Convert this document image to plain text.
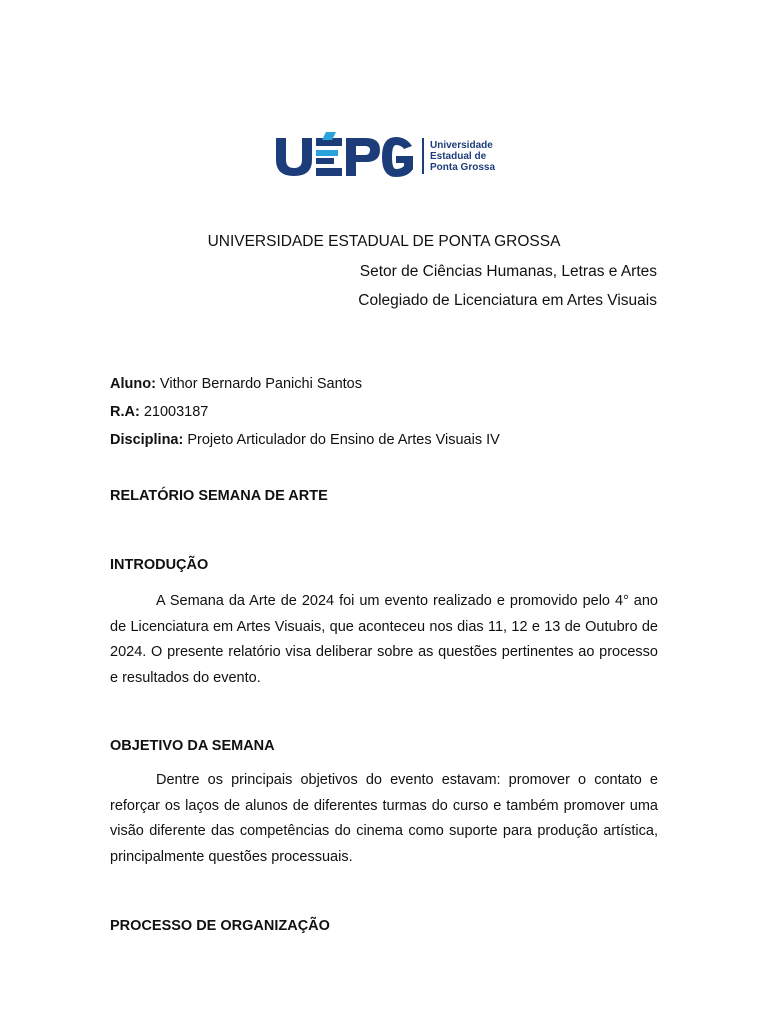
Universidade
Estadual de
Ponta Grossa
UNIVERSIDADE ESTADUAL DE PONTA GROSSA

Setor de Ciências Humanas, Letras e Artes

Colegiado de Licenciatura em Artes Visuais

Aluno: Vithor Bernardo Panichi Santos

R.A: 21003187

Disciplina: Projeto Articulador do Ensino de Artes Visuais IV

RELATÓRIO SEMANA DE ARTE
INTRODUÇÃO

A Semana da Arte de 2024 foi um evento realizado e promovido pelo 4° ano de Licenciatura em Artes Visuais, que aconteceu nos dias 11, 12 e 13 de Outubro de 2024. O presente relatório visa deliberar sobre as questões pertinentes ao processo e resultados do evento.

OBJETIVO DA SEMANA

Dentre os principais objetivos do evento estavam: promover o contato e reforçar os laços de alunos de diferentes turmas do curso e também promover uma visão diferente das competências do cinema como suporte para produção artística, principalmente questões processuais.

PROCESSO DE ORGANIZAÇÃO
